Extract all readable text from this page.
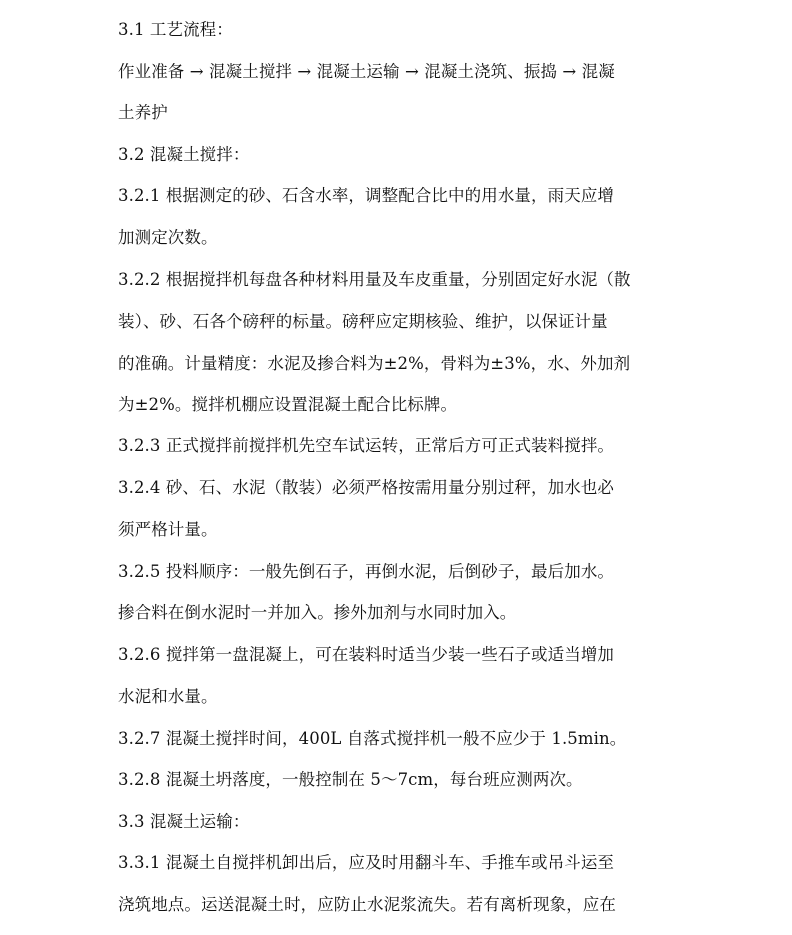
3.1 工艺流程：
作业准备 → 混凝土搅拌 → 混凝土运输 → 混凝土浇筑、振捣 → 混凝
土养护
3.2 混凝土搅拌：
3.2.1 根据测定的砂、石含水率，调整配合比中的用水量，雨天应增
加测定次数。
3.2.2 根据搅拌机每盘各种材料用量及车皮重量，分别固定好水泥（散
装）、砂、石各个磅秤的标量。磅秤应定期核验、维护，以保证计量
的准确。计量精度：水泥及掺合料为±2%，骨料为±3%，水、外加剂
为±2%。搅拌机棚应设置混凝土配合比标牌。
3.2.3 正式搅拌前搅拌机先空车试运转，正常后方可正式装料搅拌。
3.2.4 砂、石、水泥（散装）必须严格按需用量分别过秤，加水也必
须严格计量。
3.2.5 投料顺序：一般先倒石子，再倒水泥，后倒砂子，最后加水。
掺合料在倒水泥时一并加入。掺外加剂与水同时加入。
3.2.6 搅拌第一盘混凝上，可在装料时适当少装一些石子或适当增加
水泥和水量。
3.2.7 混凝土搅拌时间，400L 自落式搅拌机一般不应少于 1.5min。
3.2.8 混凝土坍落度，一般控制在 5～7cm，每台班应测两次。
3.3 混凝土运输：
3.3.1 混凝土自搅拌机卸出后，应及时用翻斗车、手推车或吊斗运至
浇筑地点。运送混凝土时，应防止水泥浆流失。若有离析现象，应在
